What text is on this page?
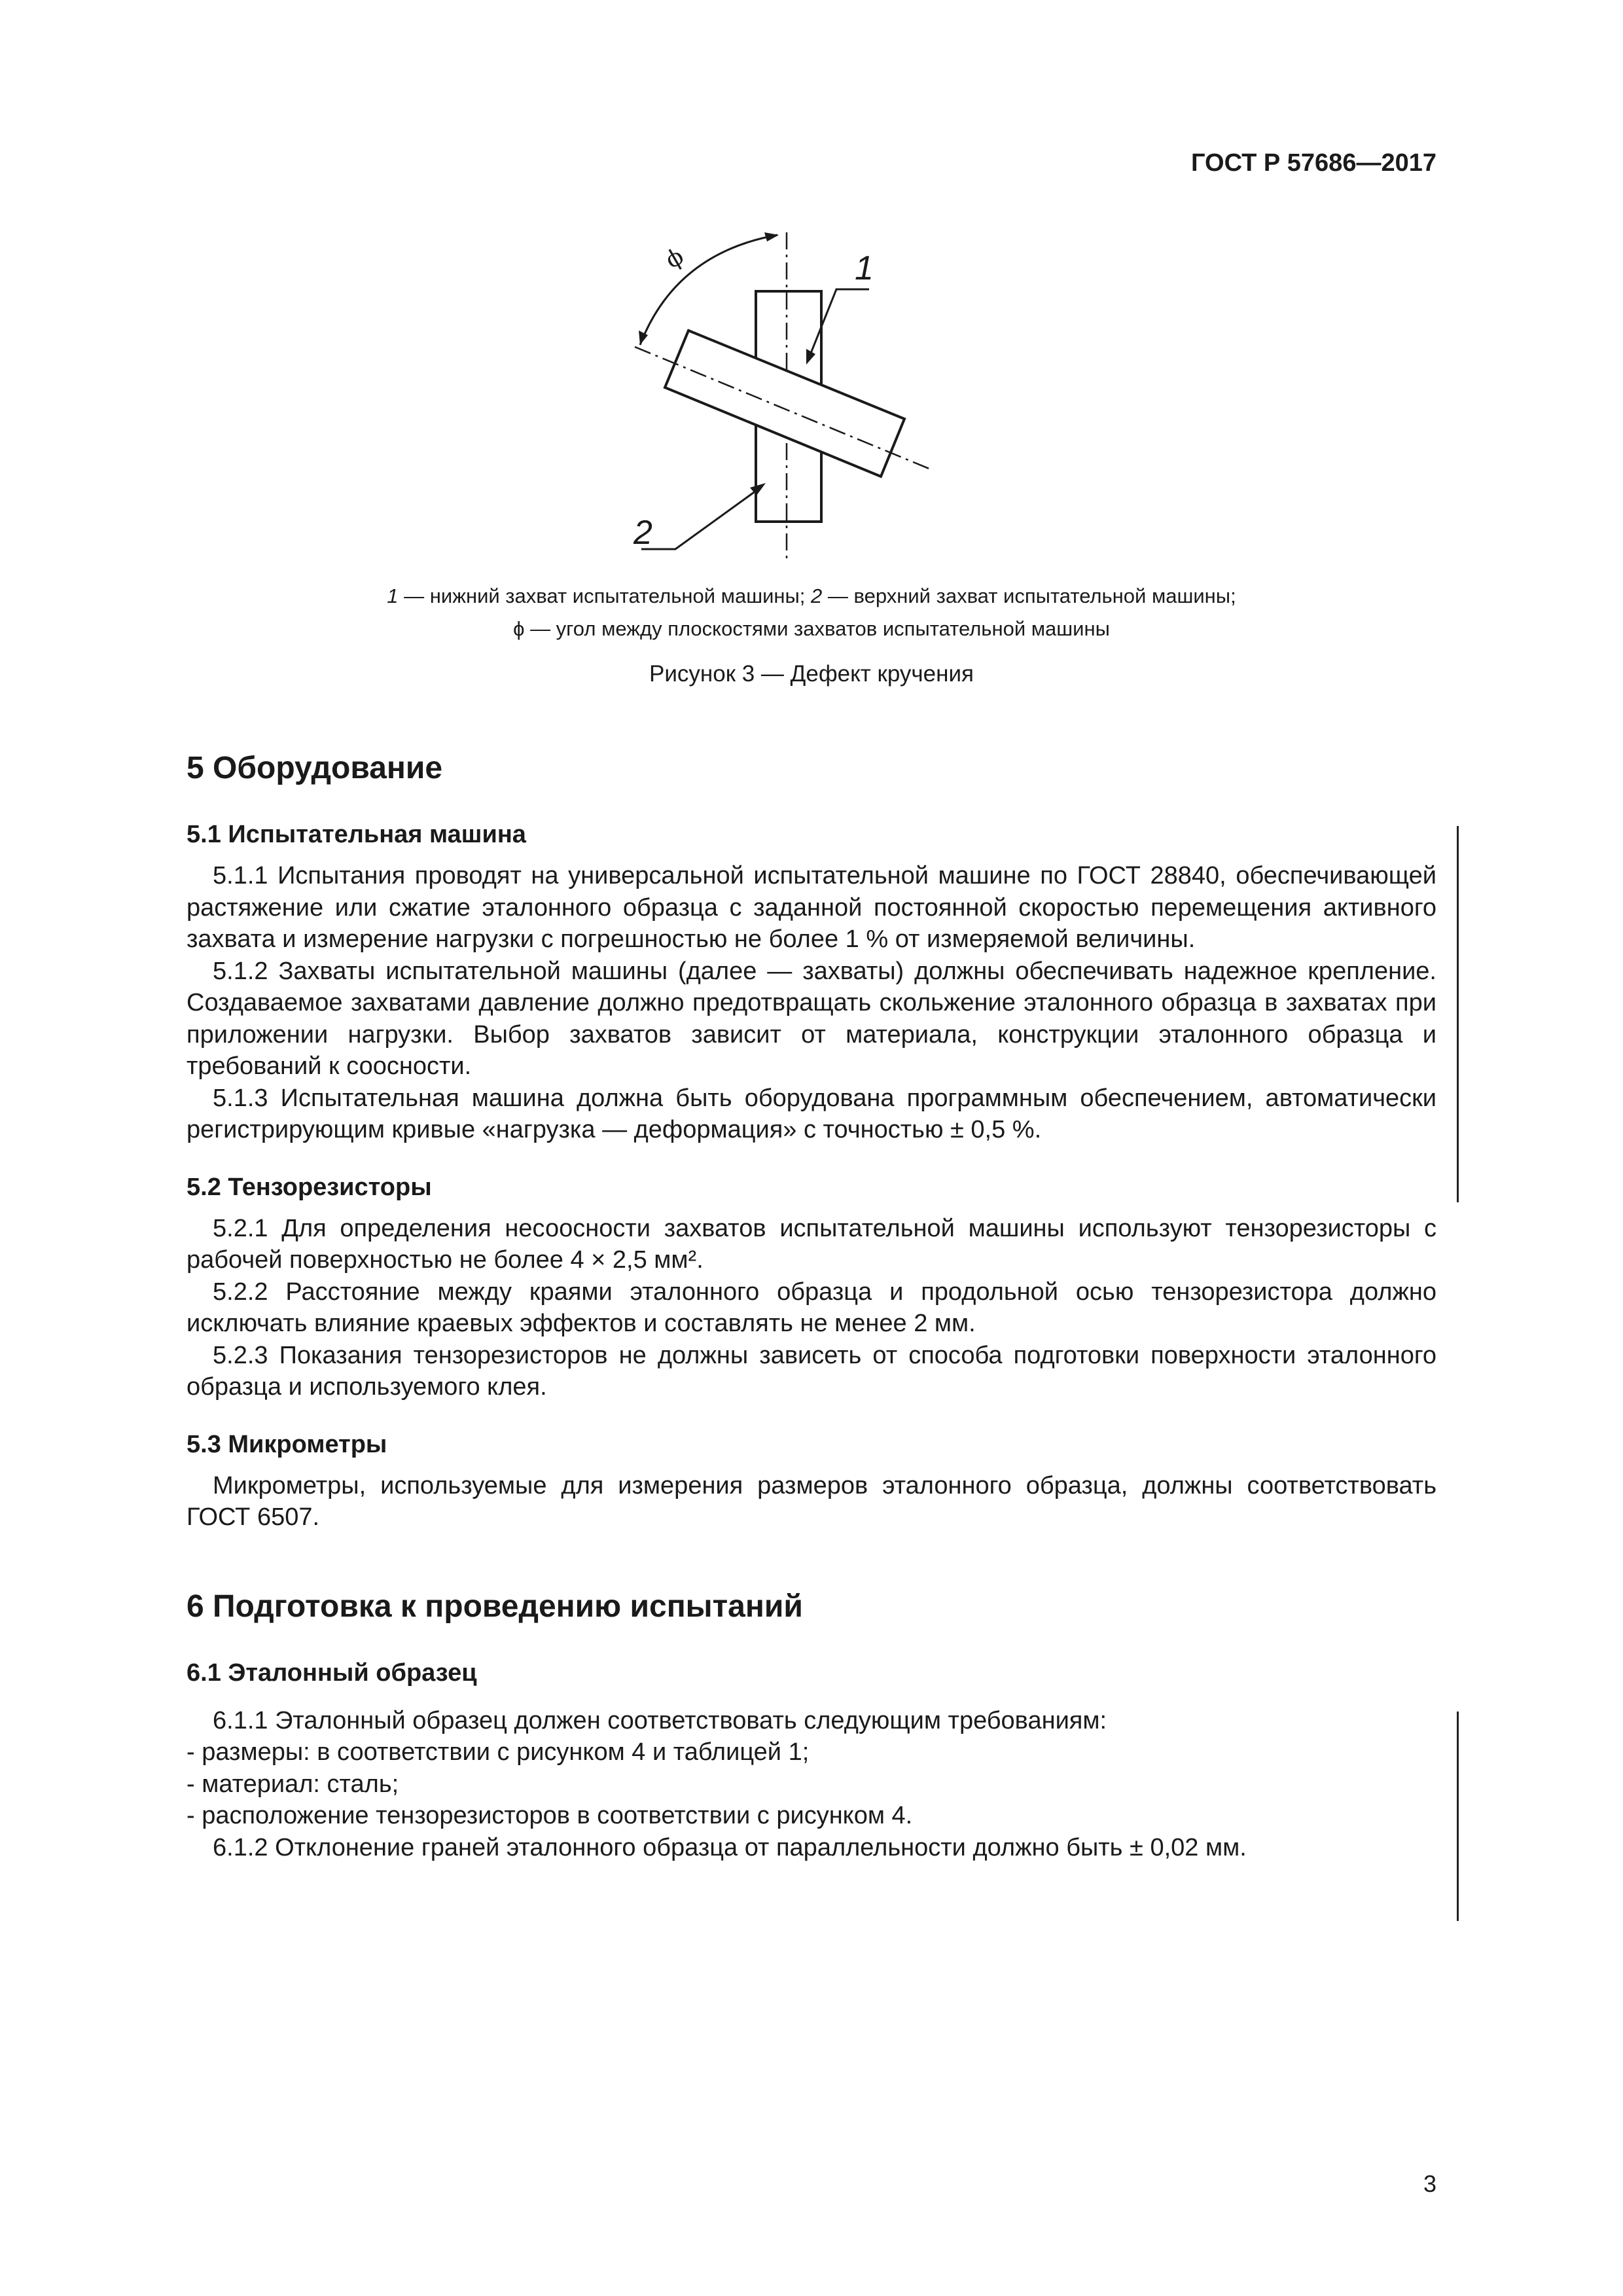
ГОСТ Р 57686—2017
ϕ	1
2
1 — нижний захват испытательной машины; 2 — верхний захват испытательной машины;
ϕ — угол между плоскостями захватов испытательной машины
Рисунок 3 — Дефект кручения
5 Оборудование
5.1 Испытательная машина

5.1.1 Испытания проводят на универсальной испытательной машине по ГОСТ 28840, обеспечивающей растяжение или сжатие эталонного образца с заданной постоянной скоростью перемещения активного захвата и измерение нагрузки с погрешностью не более 1 % от измеряемой величины.

5.1.2 Захваты испытательной машины (далее — захваты) должны обеспечивать надежное крепление. Создаваемое захватами давление должно предотвращать скольжение эталонного образца в захватах при приложении нагрузки. Выбор захватов зависит от материала, конструкции эталонного образца и требований к соосности.

5.1.3 Испытательная машина должна быть оборудована программным обеспечением, автоматически регистрирующим кривые «нагрузка — деформация» с точностью ± 0,5 %.

5.2 Тензорезисторы

5.2.1 Для определения несоосности захватов испытательной машины используют тензорезисторы с рабочей поверхностью не более 4 × 2,5 мм².

5.2.2 Расстояние между краями эталонного образца и продольной осью тензорезистора должно исключать влияние краевых эффектов и составлять не менее 2 мм.

5.2.3 Показания тензорезисторов не должны зависеть от способа подготовки поверхности эталонного образца и используемого клея.

5.3 Микрометры

Микрометры, используемые для измерения размеров эталонного образца, должны соответствовать ГОСТ 6507.

6 Подготовка к проведению испытаний
6.1 Эталонный образец

6.1.1 Эталонный образец должен соответствовать следующим требованиям:

- размеры: в соответствии с рисунком 4 и таблицей 1;

- материал: сталь;

- расположение тензорезисторов в соответствии с рисунком 4.

6.1.2 Отклонение граней эталонного образца от параллельности должно быть ± 0,02 мм.

3
